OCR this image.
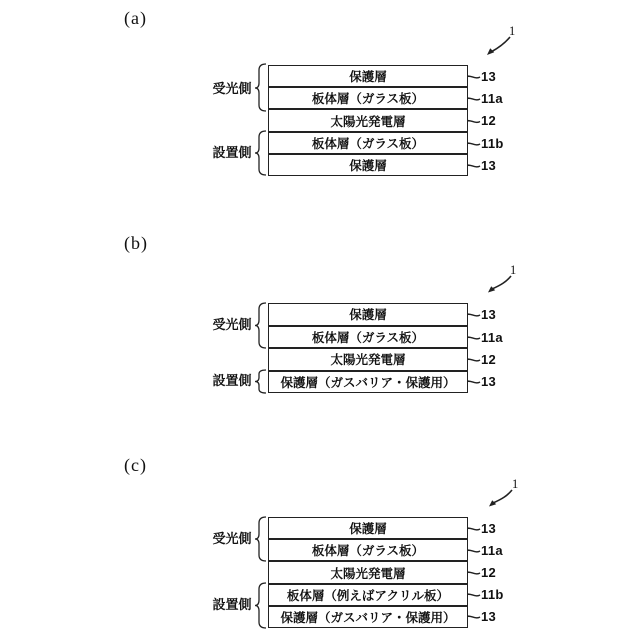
(a)
1
受光側
設置側
保護層
板体層（ガラス板）
太陽光発電層
板体層（ガラス板）
保護層
13
11a
12
11b
13
(b)
1
受光側
設置側
保護層
板体層（ガラス板）
太陽光発電層
保護層（ガスバリア・保護用）
13
11a
12
13
(c)
1
受光側
設置側
保護層
板体層（ガラス板）
太陽光発電層
板体層（例えばアクリル板）
保護層（ガスバリア・保護用）
13
11a
12
11b
13
